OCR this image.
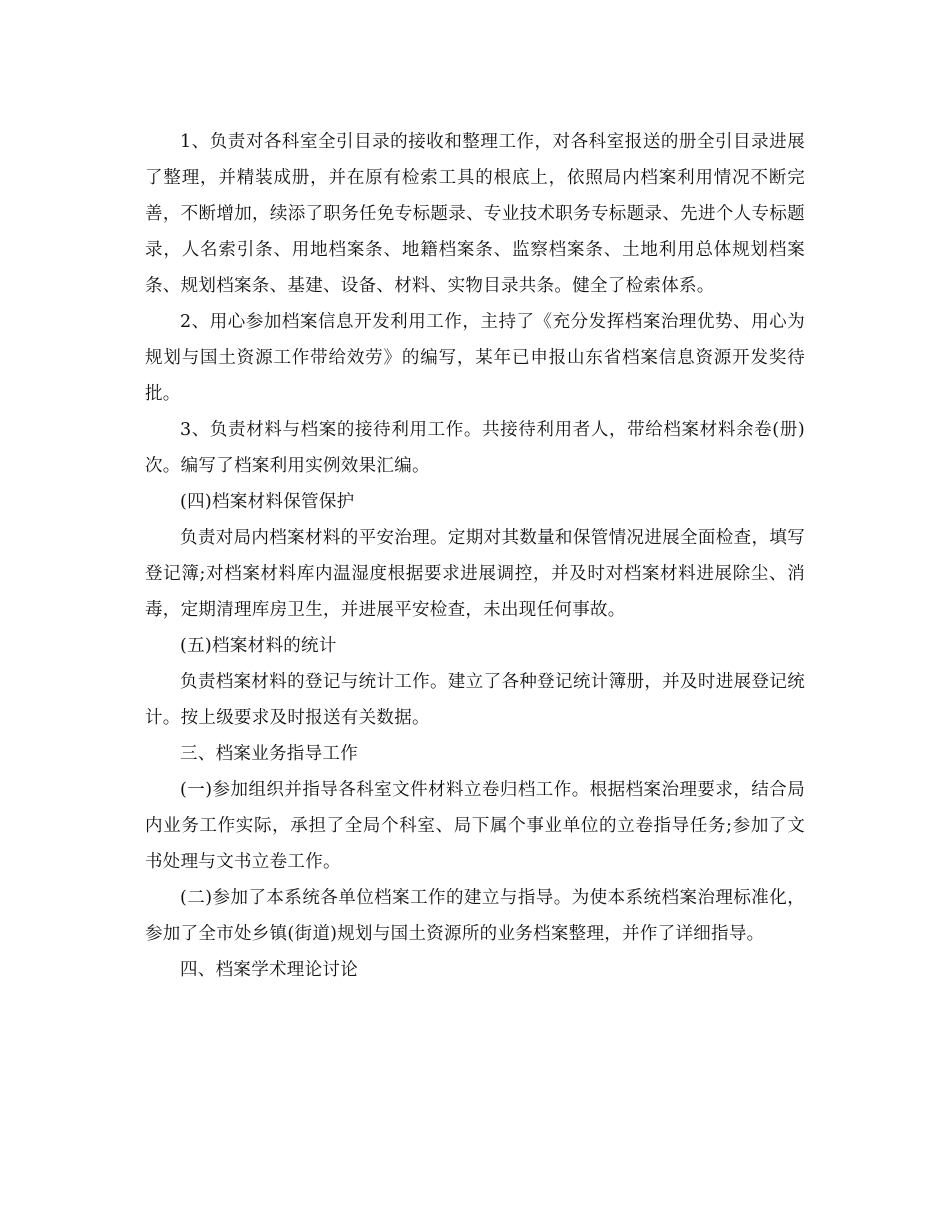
1、负责对各科室全引目录的接收和整理工作，对各科室报送的册全引目录进展了整理，并精装成册，并在原有检索工具的根底上，依照局内档案利用情况不断完善，不断增加，续添了职务任免专标题录、专业技术职务专标题录、先进个人专标题录，人名索引条、用地档案条、地籍档案条、监察档案条、土地利用总体规划档案条、规划档案条、基建、设备、材料、实物目录共条。健全了检索体系。

2、用心参加档案信息开发利用工作，主持了《充分发挥档案治理优势、用心为规划与国土资源工作带给效劳》的编写，某年已申报山东省档案信息资源开发奖待批。

3、负责材料与档案的接待利用工作。共接待利用者人，带给档案材料余卷(册)次。编写了档案利用实例效果汇编。

(四)档案材料保管保护

负责对局内档案材料的平安治理。定期对其数量和保管情况进展全面检查，填写登记簿;对档案材料库内温湿度根据要求进展调控，并及时对档案材料进展除尘、消毒，定期清理库房卫生，并进展平安检查，未出现任何事故。

(五)档案材料的统计

负责档案材料的登记与统计工作。建立了各种登记统计簿册，并及时进展登记统计。按上级要求及时报送有关数据。

三、档案业务指导工作

(一)参加组织并指导各科室文件材料立卷归档工作。根据档案治理要求，结合局内业务工作实际，承担了全局个科室、局下属个事业单位的立卷指导任务;参加了文书处理与文书立卷工作。

(二)参加了本系统各单位档案工作的建立与指导。为使本系统档案治理标准化，参加了全市处乡镇(街道)规划与国土资源所的业务档案整理，并作了详细指导。

四、档案学术理论讨论
